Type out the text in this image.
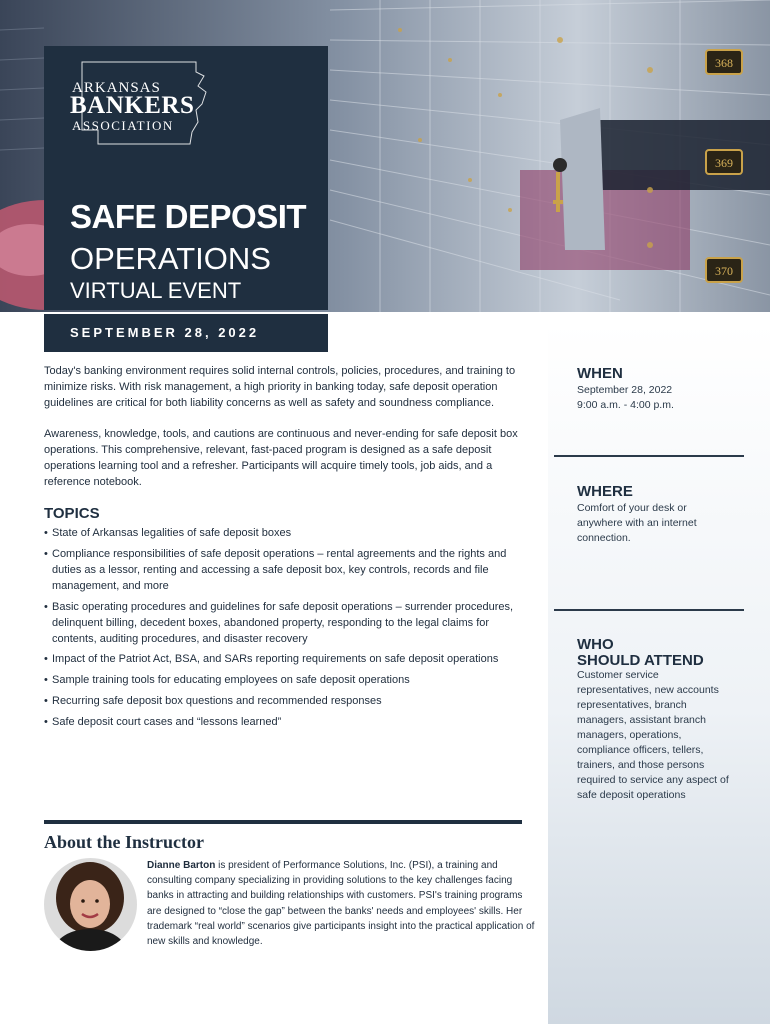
368
369
370
ARKANSAS
BANKERS
ASSOCIATION
SAFE DEPOSIT
OPERATIONS
VIRTUAL EVENT
SEPTEMBER 28, 2022
WHEN
September 28, 2022
9:00 a.m. - 4:00 p.m.
WHERE
Comfort of your desk or anywhere with an internet connection.
WHO
SHOULD ATTEND
Customer service representatives, new accounts representatives, branch managers, assistant branch managers, operations, compliance officers, tellers, trainers, and those persons required to service any aspect of safe deposit operations

Today's banking environment requires solid internal controls, policies, procedures, and training to minimize risks. With risk management, a high priority in banking today, safe deposit operation guidelines are critical for both liability concerns as well as safety and soundness compliance.

Awareness, knowledge, tools, and cautions are continuous and never-ending for safe deposit box operations. This comprehensive, relevant, fast-paced program is designed as a safe deposit operations learning tool and a refresher. Participants will acquire timely tools, job aids, and a reference notebook.

TOPICS
• State of Arkansas legalities of safe deposit boxes
• Compliance responsibilities of safe deposit operations – rental agreements and the rights and duties as a lessor, renting and accessing a safe deposit box, key controls, records and file management, and more
• Basic operating procedures and guidelines for safe deposit operations – surrender procedures, delinquent billing, decedent boxes, abandoned property, responding to the legal claims for contents, auditing procedures, and disaster recovery
• Impact of the Patriot Act, BSA, and SARs reporting requirements on safe deposit operations
• Sample training tools for educating employees on safe deposit operations
• Recurring safe deposit box questions and recommended responses
• Safe deposit court cases and “lessons learned”
About the Instructor

Dianne Barton is president of Performance Solutions, Inc. (PSI), a training and consulting company specializing in providing solutions to the key challenges facing banks in attracting and building relationships with customers. PSI's training programs are designed to “close the gap” between the banks' needs and employees' skills. Her trademark “real world” scenarios give participants insight into the practical application of new skills and knowledge.
